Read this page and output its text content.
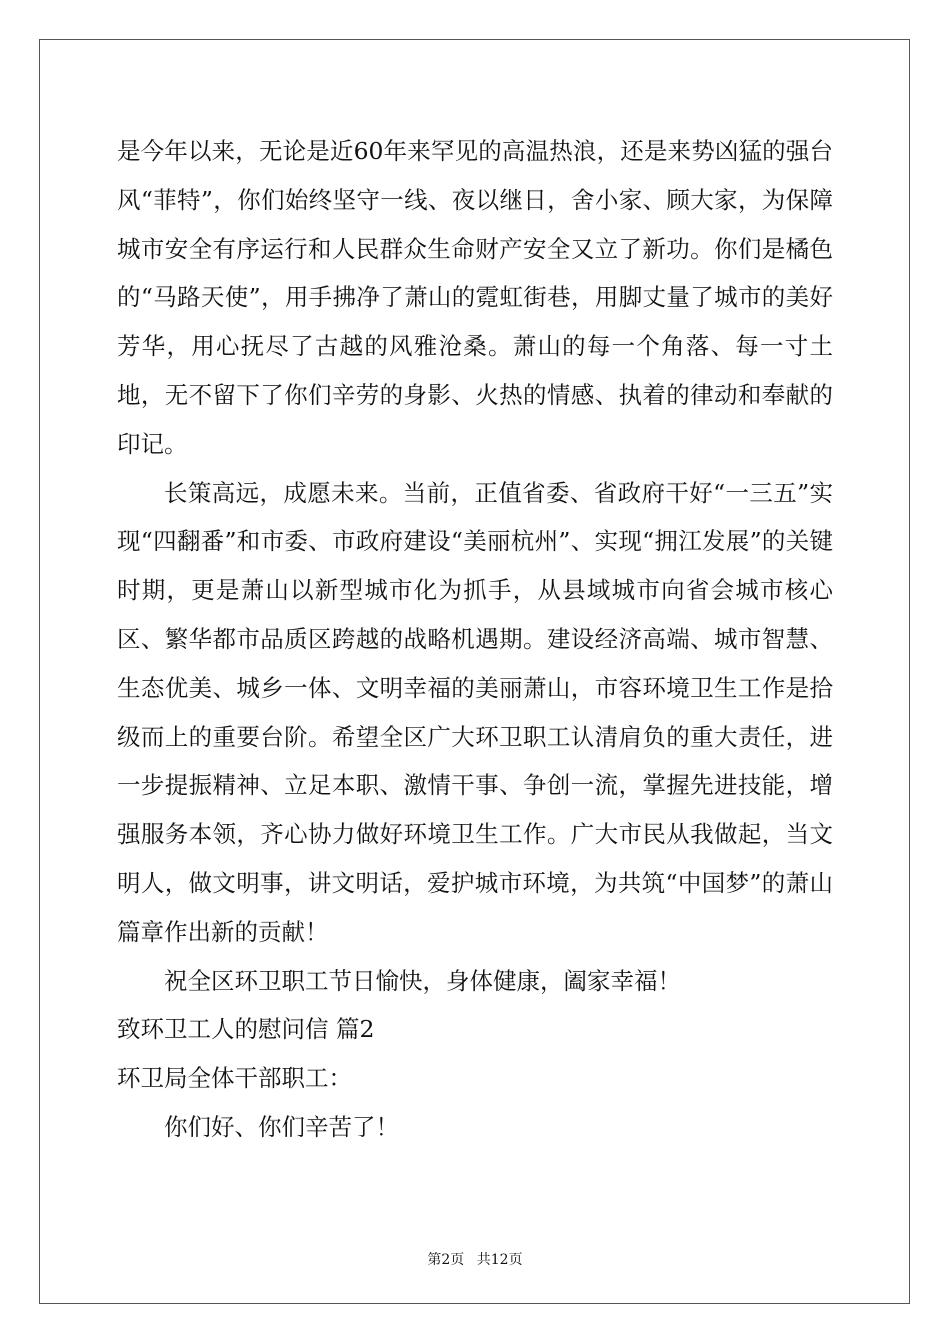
是今年以来，无论是近60年来罕见的高温热浪，还是来势凶猛的强台风“菲特”，你们始终坚守一线、夜以继日，舍小家、顾大家，为保障城市安全有序运行和人民群众生命财产安全又立了新功。你们是橘色的“马路天使”，用手拂净了萧山的霓虹街巷，用脚丈量了城市的美好芳华，用心抚尽了古越的风雅沧桑。萧山的每一个角落、每一寸土地，无不留下了你们辛劳的身影、火热的情感、执着的律动和奉献的印记。

长策高远，成愿未来。当前，正值省委、省政府干好“一三五”实现“四翻番”和市委、市政府建设“美丽杭州”、实现“拥江发展”的关键时期，更是萧山以新型城市化为抓手，从县域城市向省会城市核心区、繁华都市品质区跨越的战略机遇期。建设经济高端、城市智慧、生态优美、城乡一体、文明幸福的美丽萧山，市容环境卫生工作是拾级而上的重要台阶。希望全区广大环卫职工认清肩负的重大责任，进一步提振精神、立足本职、激情干事、争创一流，掌握先进技能，增强服务本领，齐心协力做好环境卫生工作。广大市民从我做起，当文明人，做文明事，讲文明话，爱护城市环境，为共筑“中国梦”的萧山篇章作出新的贡献！

祝全区环卫职工节日愉快，身体健康，阖家幸福！

致环卫工人的慰问信 篇2

环卫局全体干部职工：

你们好、你们辛苦了！

第2页 共12页
